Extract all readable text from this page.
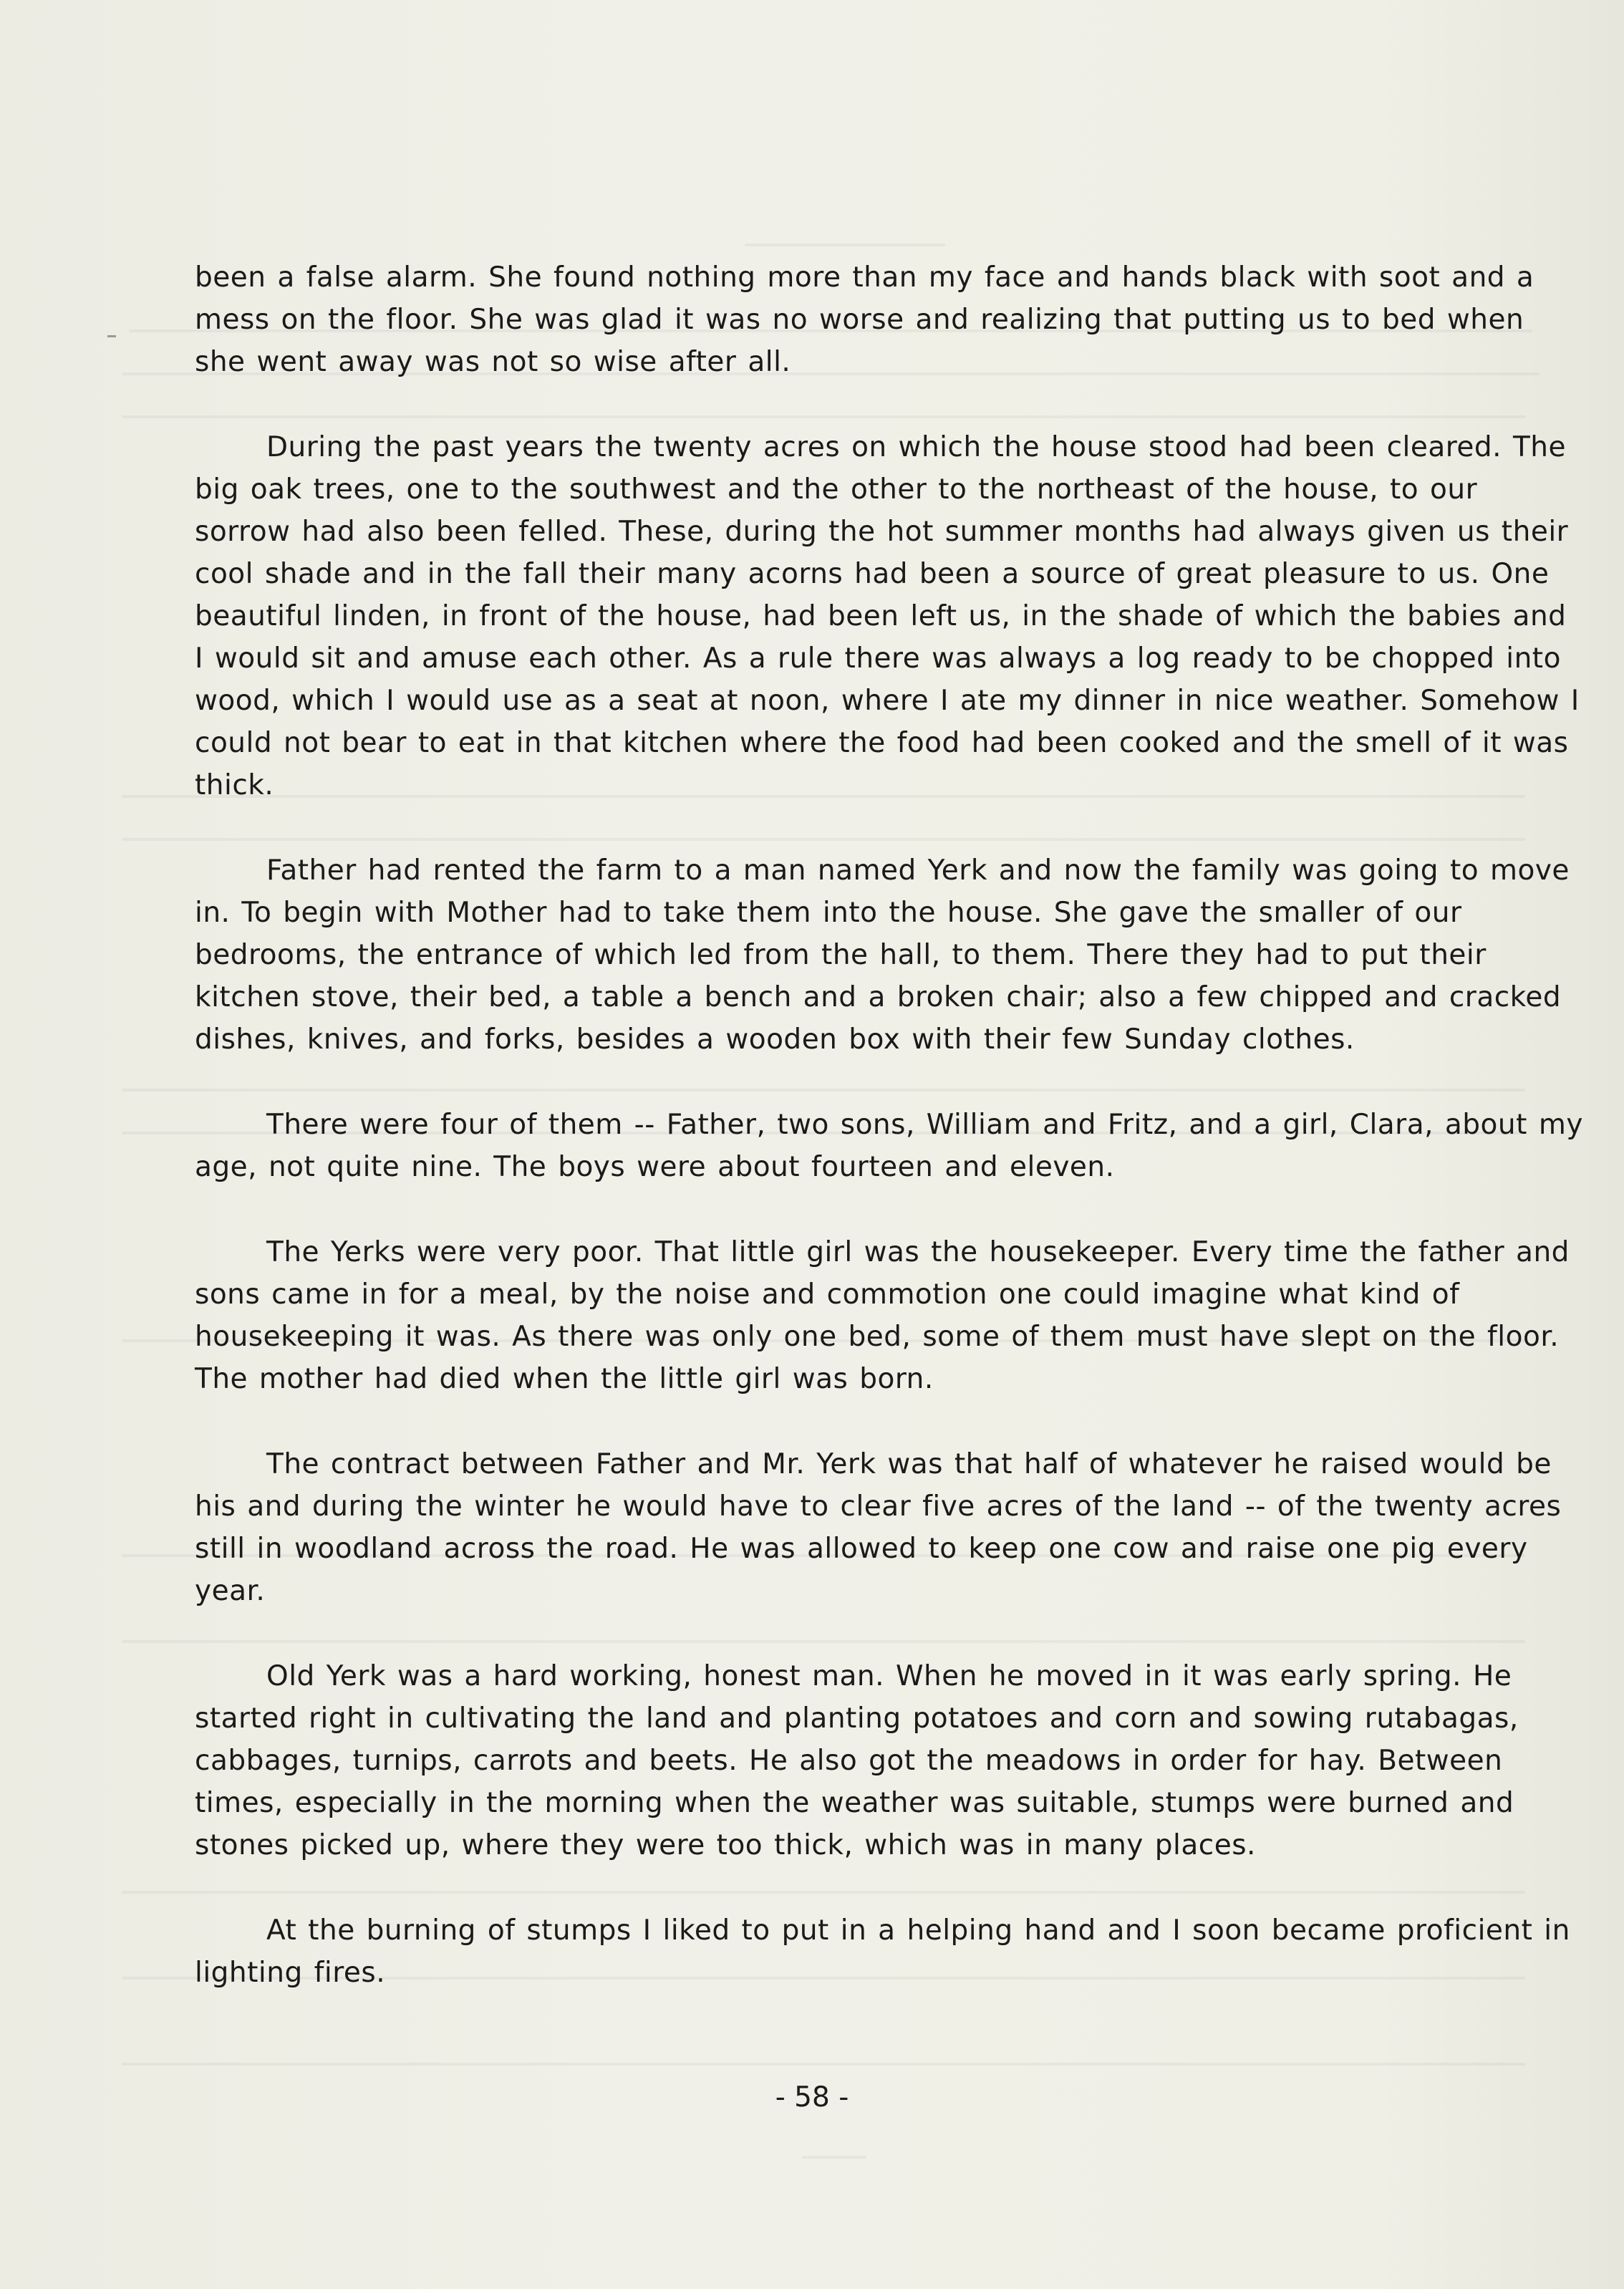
been a false alarm. She found nothing more than my face and hands black with soot and a mess on the floor. She was glad it was no worse and realizing that putting us to bed when she went away was not so wise after all.

During the past years the twenty acres on which the house stood had been cleared. The big oak trees, one to the southwest and the other to the northeast of the house, to our sorrow had also been felled. These, during the hot summer months had always given us their cool shade and in the fall their many acorns had been a source of great pleasure to us. One beautiful linden, in front of the house, had been left us, in the shade of which the babies and I would sit and amuse each other. As a rule there was always a log ready to be chopped into wood, which I would use as a seat at noon, where I ate my dinner in nice weather. Somehow I could not bear to eat in that kitchen where the food had been cooked and the smell of it was thick.

Father had rented the farm to a man named Yerk and now the family was going to move in. To begin with Mother had to take them into the house. She gave the smaller of our bedrooms, the entrance of which led from the hall, to them. There they had to put their kitchen stove, their bed, a table a bench and a broken chair; also a few chipped and cracked dishes, knives, and forks, besides a wooden box with their few Sunday clothes.

There were four of them -- Father, two sons, William and Fritz, and a girl, Clara, about my age, not quite nine. The boys were about fourteen and eleven.

The Yerks were very poor. That little girl was the housekeeper. Every time the father and sons came in for a meal, by the noise and commotion one could imagine what kind of housekeeping it was. As there was only one bed, some of them must have slept on the floor. The mother had died when the little girl was born.

The contract between Father and Mr. Yerk was that half of whatever he raised would be his and during the winter he would have to clear five acres of the land -- of the twenty acres still in woodland across the road. He was allowed to keep one cow and raise one pig every year.

Old Yerk was a hard working, honest man. When he moved in it was early spring. He started right in cultivating the land and planting potatoes and corn and sowing rutabagas, cabbages, turnips, carrots and beets. He also got the meadows in order for hay. Between times, especially in the morning when the weather was suitable, stumps were burned and stones picked up, where they were too thick, which was in many places.

At the burning of stumps I liked to put in a helping hand and I soon became proficient in lighting fires.

- 58 -
